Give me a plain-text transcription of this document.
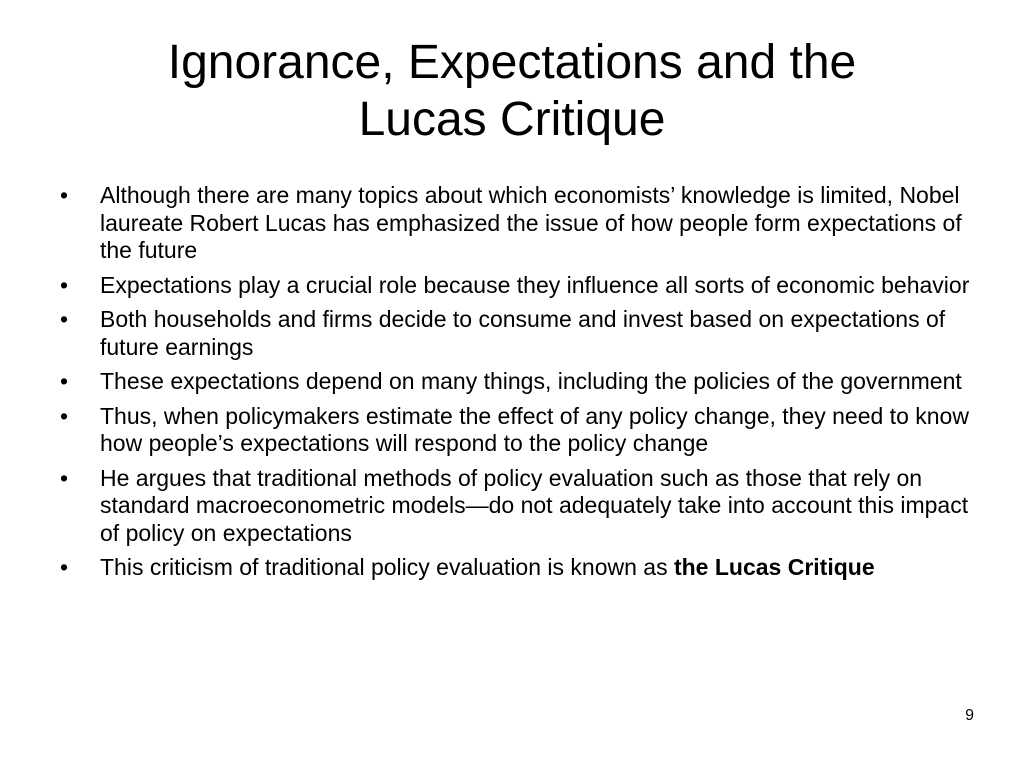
Ignorance, Expectations and the
Lucas Critique
• Although there are many topics about which economists’ knowledge is limited, Nobel laureate Robert Lucas has emphasized the issue of how people form expectations of the future
• Expectations play a crucial role because they influence all sorts of economic behavior
• Both households and firms decide to consume and invest based on expectations of future earnings
• These expectations depend on many things, including the policies of the government
• Thus, when policymakers estimate the effect of any policy change, they need to know how people’s expectations will respond to the policy change
• He argues that traditional methods of policy evaluation such as those that rely on standard macroeconometric models—do not adequately take into account this impact of policy on expectations
• This criticism of traditional policy evaluation is known as the Lucas Critique
9
